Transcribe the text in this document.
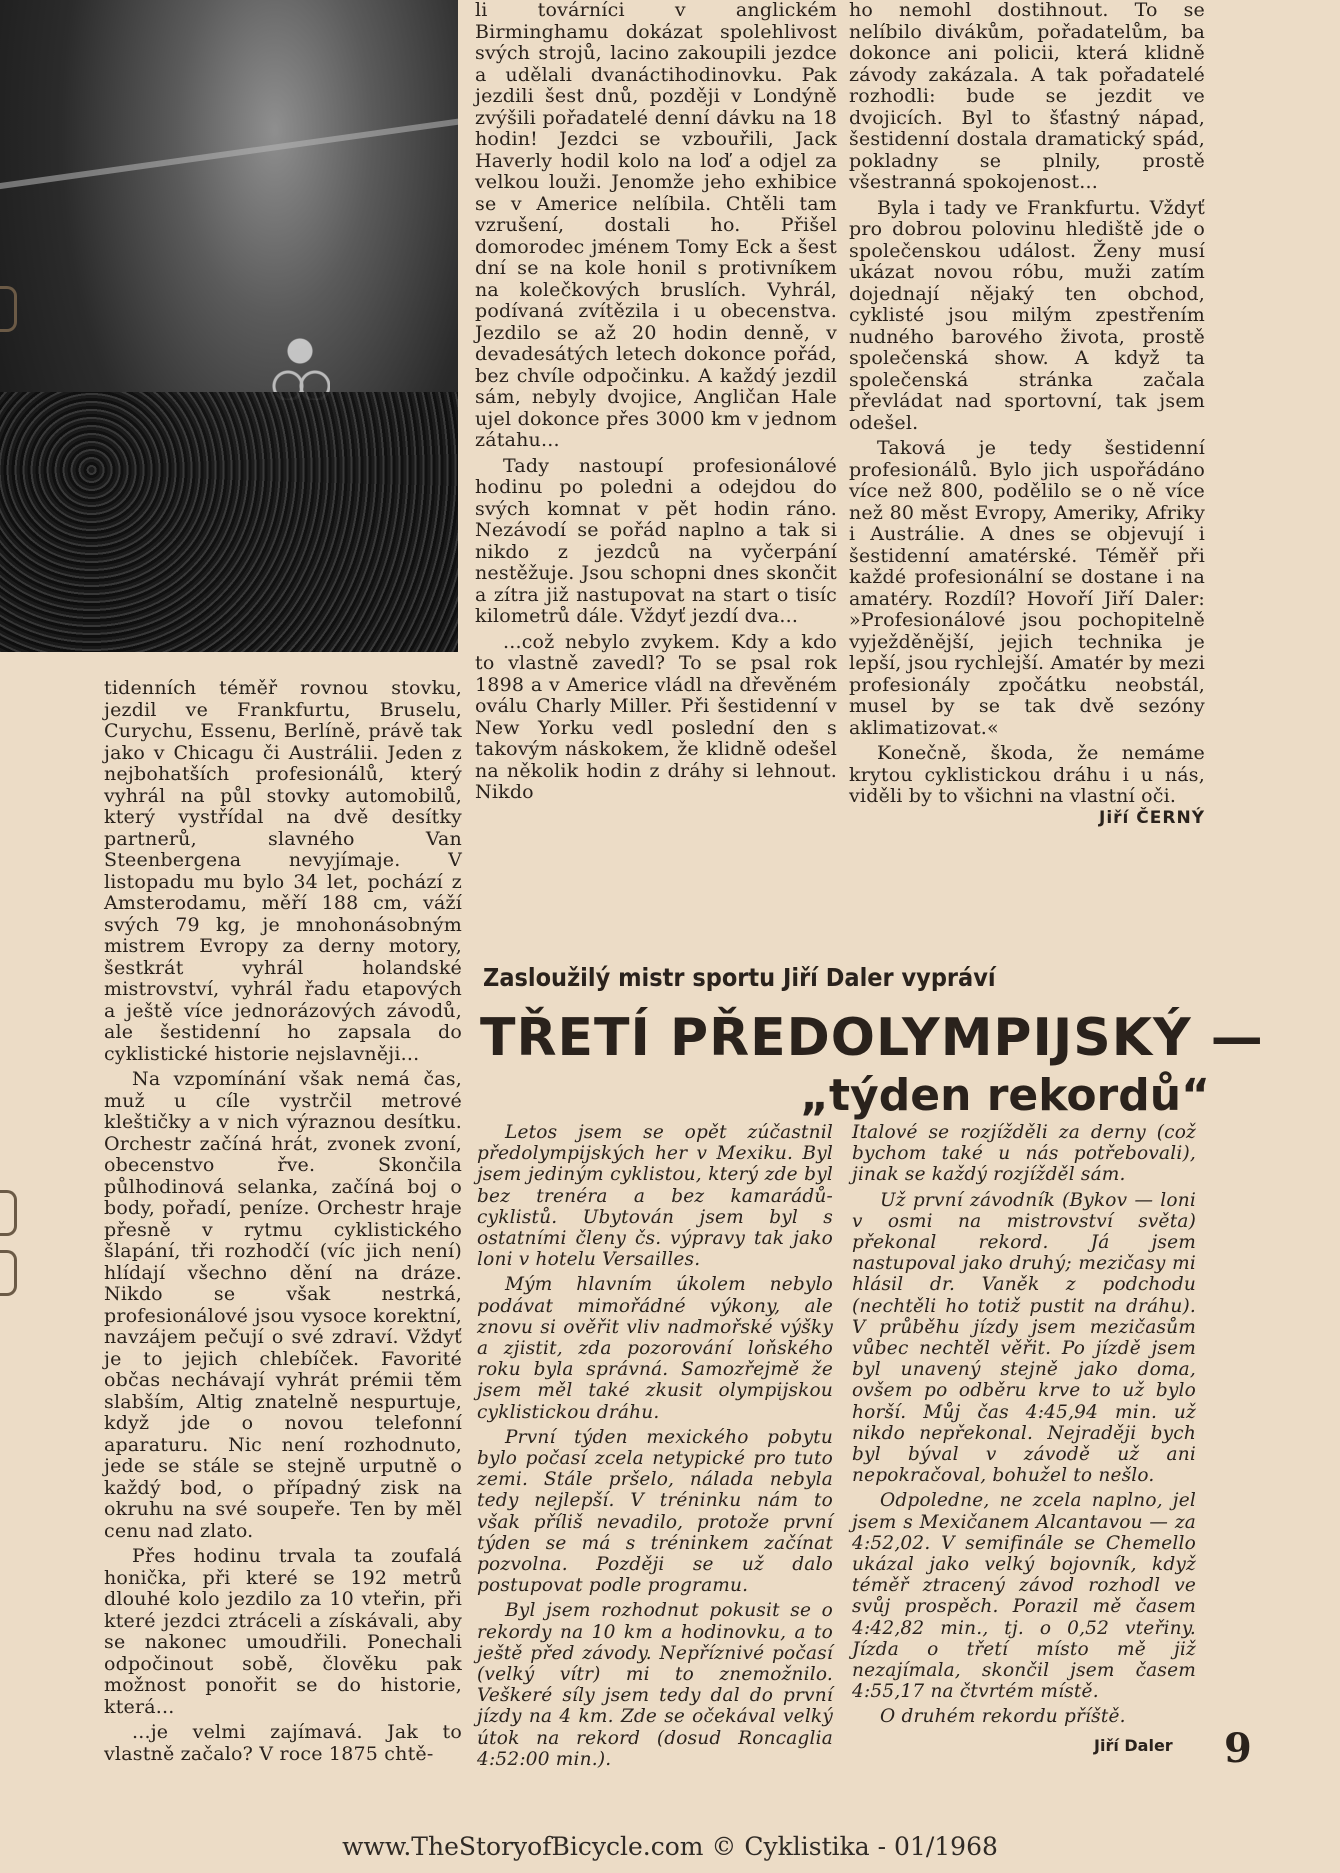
tidenních téměř rovnou stovku, jezdil ve Frankfurtu, Bruselu, Curychu, Essenu, Berlíně, právě tak jako v Chicagu či Austrálii. Jeden z nejbohatších profesionálů, který vyhrál na půl stovky automobilů, který vystřídal na dvě desítky partnerů, slavného Van Steenbergena nevyjímaje. V listopadu mu bylo 34 let, pochází z Amsterodamu, měří 188 cm, váží svých 79 kg, je mnohonásobným mistrem Evropy za derny motory, šestkrát vyhrál holandské mistrovství, vyhrál řadu etapových a ještě více jednorázových závodů, ale šestidenní ho zapsala do cyklistické historie nejslavněji...

Na vzpomínání však nemá čas, muž u cíle vystrčil metrové kleštičky a v nich výraznou desítku. Orchestr začíná hrát, zvonek zvoní, obecenstvo řve. Skončila půlhodinová selanka, začíná boj o body, pořadí, peníze. Orchestr hraje přesně v rytmu cyklistického šlapání, tři rozhodčí (víc jich není) hlídají všechno dění na dráze. Nikdo se však nestrká, profesionálové jsou vysoce korektní, navzájem pečují o své zdraví. Vždyť je to jejich chlebíček. Favorité občas nechávají vyhrát prémii těm slabším, Altig znatelně nespurtuje, když jde o novou telefonní aparaturu. Nic není rozhodnuto, jede se stále se stejně urputně o každý bod, o případný zisk na okruhu na své soupeře. Ten by měl cenu nad zlato.

Přes hodinu trvala ta zoufalá honička, při které se 192 metrů dlouhé kolo jezdilo za 10 vteřin, při které jezdci ztráceli a získávali, aby se nakonec umoudřili. Ponechali odpočinout sobě, člověku pak možnost ponořit se do historie, která...

...je velmi zajímavá. Jak to vlastně začalo? V roce 1875 chtě-

li továrníci v anglickém Birminghamu dokázat spolehlivost svých strojů, lacino zakoupili jezdce a udělali dvanáctihodinovku. Pak jezdili šest dnů, později v Londýně zvýšili pořadatelé denní dávku na 18 hodin! Jezdci se vzbouřili, Jack Haverly hodil kolo na loď a odjel za velkou louži. Jenomže jeho exhibice se v Americe nelíbila. Chtěli tam vzrušení, dostali ho. Přišel domorodec jménem Tomy Eck a šest dní se na kole honil s protivníkem na kolečkových bruslích. Vyhrál, podívaná zvítězila i u obecenstva. Jezdilo se až 20 hodin denně, v devadesátých letech dokonce pořád, bez chvíle odpočinku. A každý jezdil sám, nebyly dvojice, Angličan Hale ujel dokonce přes 3000 km v jednom zátahu...

Tady nastoupí profesionálové hodinu po poledni a odejdou do svých komnat v pět hodin ráno. Nezávodí se pořád naplno a tak si nikdo z jezdců na vyčerpání nestěžuje. Jsou schopni dnes skončit a zítra již nastupovat na start o tisíc kilometrů dále. Vždyť jezdí dva...

...což nebylo zvykem. Kdy a kdo to vlastně zavedl? To se psal rok 1898 a v Americe vládl na dřevěném oválu Charly Miller. Při šestidenní v New Yorku vedl poslední den s takovým náskokem, že klidně odešel na několik hodin z dráhy si lehnout. Nikdo

ho nemohl dostihnout. To se nelíbilo divákům, pořadatelům, ba dokonce ani policii, která klidně závody zakázala. A tak pořadatelé rozhodli: bude se jezdit ve dvojicích. Byl to šťastný nápad, šestidenní dostala dramatický spád, pokladny se plnily, prostě všestranná spokojenost...

Byla i tady ve Frankfurtu. Vždyť pro dobrou polovinu hlediště jde o společenskou událost. Ženy musí ukázat novou róbu, muži zatím dojednají nějaký ten obchod, cyklisté jsou milým zpestřením nudného barového života, prostě společenská show. A když ta společenská stránka začala převládat nad sportovní, tak jsem odešel.

Taková je tedy šestidenní profesionálů. Bylo jich uspořádáno více než 800, podělilo se o ně více než 80 měst Evropy, Ameriky, Afriky i Austrálie. A dnes se objevují i šestidenní amatérské. Téměř při každé profesionální se dostane i na amatéry. Rozdíl? Hovoří Jiří Daler: »Profesionálové jsou pochopitelně vyježděnější, jejich technika je lepší, jsou rychlejší. Amatér by mezi profesionály zpočátku neobstál, musel by se tak dvě sezóny aklimatizovat.«

Konečně, škoda, že nemáme krytou cyklistickou dráhu i u nás, viděli by to všichni na vlastní oči.
Jiří ČERNÝ

Zasloužilý mistr sportu Jiří Daler vypráví
TŘETÍ PŘEDOLYMPIJSKÝ —
„týden rekordů“

Letos jsem se opět zúčastnil předolympijských her v Mexiku. Byl jsem jediným cyklistou, který zde byl bez trenéra a bez kamarádů-cyklistů. Ubytován jsem byl s ostatními členy čs. výpravy tak jako loni v hotelu Versailles.

Mým hlavním úkolem nebylo podávat mimořádné výkony, ale znovu si ověřit vliv nadmořské výšky a zjistit, zda pozorování loňského roku byla správná. Samozřejmě že jsem měl také zkusit olympijskou cyklistickou dráhu.

První týden mexického pobytu bylo počasí zcela netypické pro tuto zemi. Stále pršelo, nálada nebyla tedy nejlepší. V tréninku nám to však příliš nevadilo, protože první týden se má s tréninkem začínat pozvolna. Později se už dalo postupovat podle programu.

Byl jsem rozhodnut pokusit se o rekordy na 10 km a hodinovku, a to ještě před závody. Nepříznivé počasí (velký vítr) mi to znemožnilo. Veškeré síly jsem tedy dal do první jízdy na 4 km. Zde se očekával velký útok na rekord (dosud Roncaglia 4:52:00 min.).

Italové se rozjížděli za derny (což bychom také u nás potřebovali), jinak se každý rozjížděl sám.

Už první závodník (Bykov — loni v osmi na mistrovství světa) překonal rekord. Já jsem nastupoval jako druhý; mezičasy mi hlásil dr. Vaněk z podchodu (nechtěli ho totiž pustit na dráhu). V průběhu jízdy jsem mezičasům vůbec nechtěl věřit. Po jízdě jsem byl unavený stejně jako doma, ovšem po odběru krve to už bylo horší. Můj čas 4:45,94 min. už nikdo nepřekonal. Nejraději bych byl býval v závodě už ani nepokračoval, bohužel to nešlo.

Odpoledne, ne zcela naplno, jel jsem s Mexičanem Alcantavou — za 4:52,02. V semifinále se Chemello ukázal jako velký bojovník, když téměř ztracený závod rozhodl ve svůj prospěch. Porazil mě časem 4:42,82 min., tj. o 0,52 vteřiny. Jízda o třetí místo mě již nezajímala, skončil jsem časem 4:55,17 na čtvrtém místě.

O druhém rekordu příště.

Jiří Daler 9
www.TheStoryofBicycle.com © Cyklistika - 01/1968
